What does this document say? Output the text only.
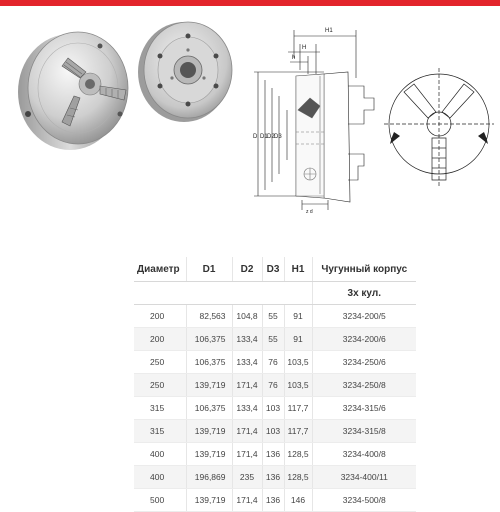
H1
H
h
D D1 D2 D3
z d
Диаметр	D1	D2	D3	H1	Чугунный корпус
					3х кул.
200	82,563	104,8	55	91	3234-200/5
200	106,375	133,4	55	91	3234-200/6
250	106,375	133,4	76	103,5	3234-250/6
250	139,719	171,4	76	103,5	3234-250/8
315	106,375	133,4	103	117,7	3234-315/6
315	139,719	171,4	103	117,7	3234-315/8
400	139,719	171,4	136	128,5	3234-400/8
400	196,869	235	136	128,5	3234-400/11
500	139,719	171,4	136	146	3234-500/8
